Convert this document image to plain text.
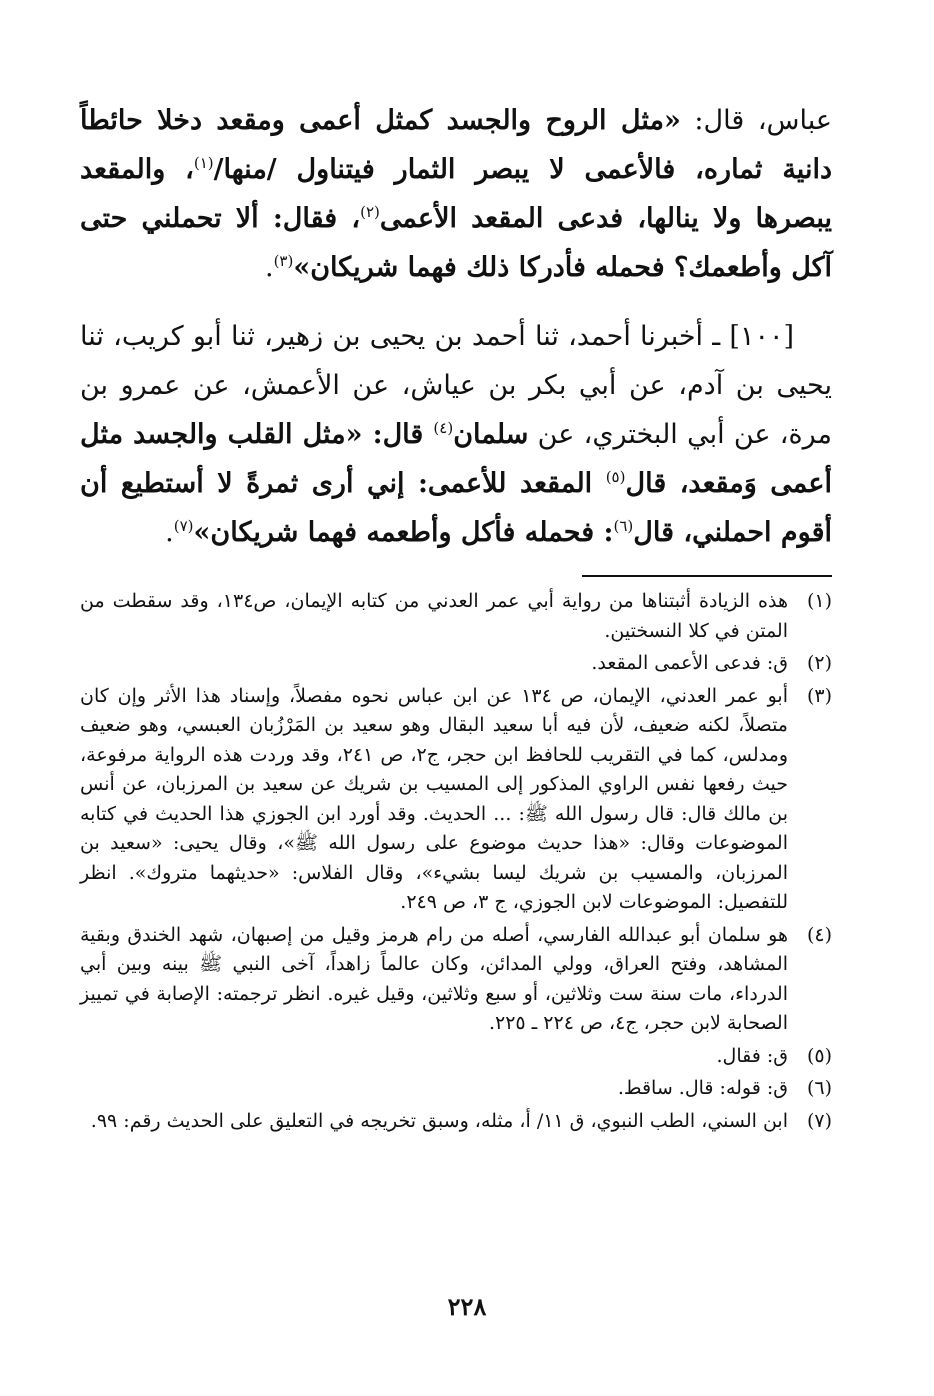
عباس، قال: «مثل الروح والجسد كمثل أعمى ومقعد دخلا حائطاً دانية ثماره، فالأعمى لا يبصر الثمار فيتناول /منها/$^{(١)}$، والمقعد يبصرها ولا ينالها، فدعى المقعد الأعمى$^{(٢)}$، فقال: ألا تحملني حتى آكل وأطعمك؟ فحمله فأدركا ذلك فهما شريكان»$^{(٣)}$.

[١٠٠] ـ أخبرنا أحمد، ثنا أحمد بن يحيى بن زهير، ثنا أبو كريب، ثنا يحيى بن آدم، عن أبي بكر بن عياش، عن الأعمش، عن عمرو بن مرة، عن أبي البختري، عن سلمان$^{(٤)}$ قال: «مثل القلب والجسد مثل أعمى وَمقعد، قال$^{(٥)}$ المقعد للأعمى: إني أرى ثمرةً لا أستطيع أن أقوم احملني، قال$^{(٦)}$: فحمله فأكل وأطعمه فهما شريكان»$^{(٧)}$.

(١)
هذه الزيادة أثبتناها من رواية أبي عمر العدني من كتابه الإيمان، ص١٣٤، وقد سقطت من المتن في كلا النسختين.
(٢)
ق: فدعى الأعمى المقعد.
(٣)
أبو عمر العدني، الإيمان، ص ١٣٤ عن ابن عباس نحوه مفصلاً، وإسناد هذا الأثر وإن كان متصلاً، لكنه ضعيف، لأن فيه أبا سعيد البقال وهو سعيد بن المَرْزُبان العبسي، وهو ضعيف ومدلس، كما في التقريب للحافظ ابن حجر، ج٢، ص ٢٤١، وقد وردت هذه الرواية مرفوعة، حيث رفعها نفس الراوي المذكور إلى المسيب بن شريك عن سعيد بن المرزبان، عن أنس بن مالك قال: قال رسول الله ﷺ: ... الحديث. وقد أورد ابن الجوزي هذا الحديث في كتابه الموضوعات وقال: «هذا حديث موضوع على رسول الله ﷺ»، وقال يحيى: «سعيد بن المرزبان، والمسيب بن شريك ليسا بشيء»، وقال الفلاس: «حديثهما متروك». انظر للتفصيل: الموضوعات لابن الجوزي، ج ٣، ص ٢٤٩.
(٤)
هو سلمان أبو عبدالله الفارسي، أصله من رام هرمز وقيل من إصبهان، شهد الخندق وبقية المشاهد، وفتح العراق، وولي المدائن، وكان عالماً زاهداً، آخى النبي ﷺ بينه وبين أبي الدرداء، مات سنة ست وثلاثين، أو سبع وثلاثين، وقيل غيره. انظر ترجمته: الإصابة في تمييز الصحابة لابن حجر، ج٤، ص ٢٢٤ ـ ٢٢٥.
(٥)
ق: فقال.
(٦)
ق: قوله: قال. ساقط.
(٧)
ابن السني، الطب النبوي، ق ١١/ أ، مثله، وسبق تخريجه في التعليق على الحديث رقم: ٩٩.
٢٢٨
